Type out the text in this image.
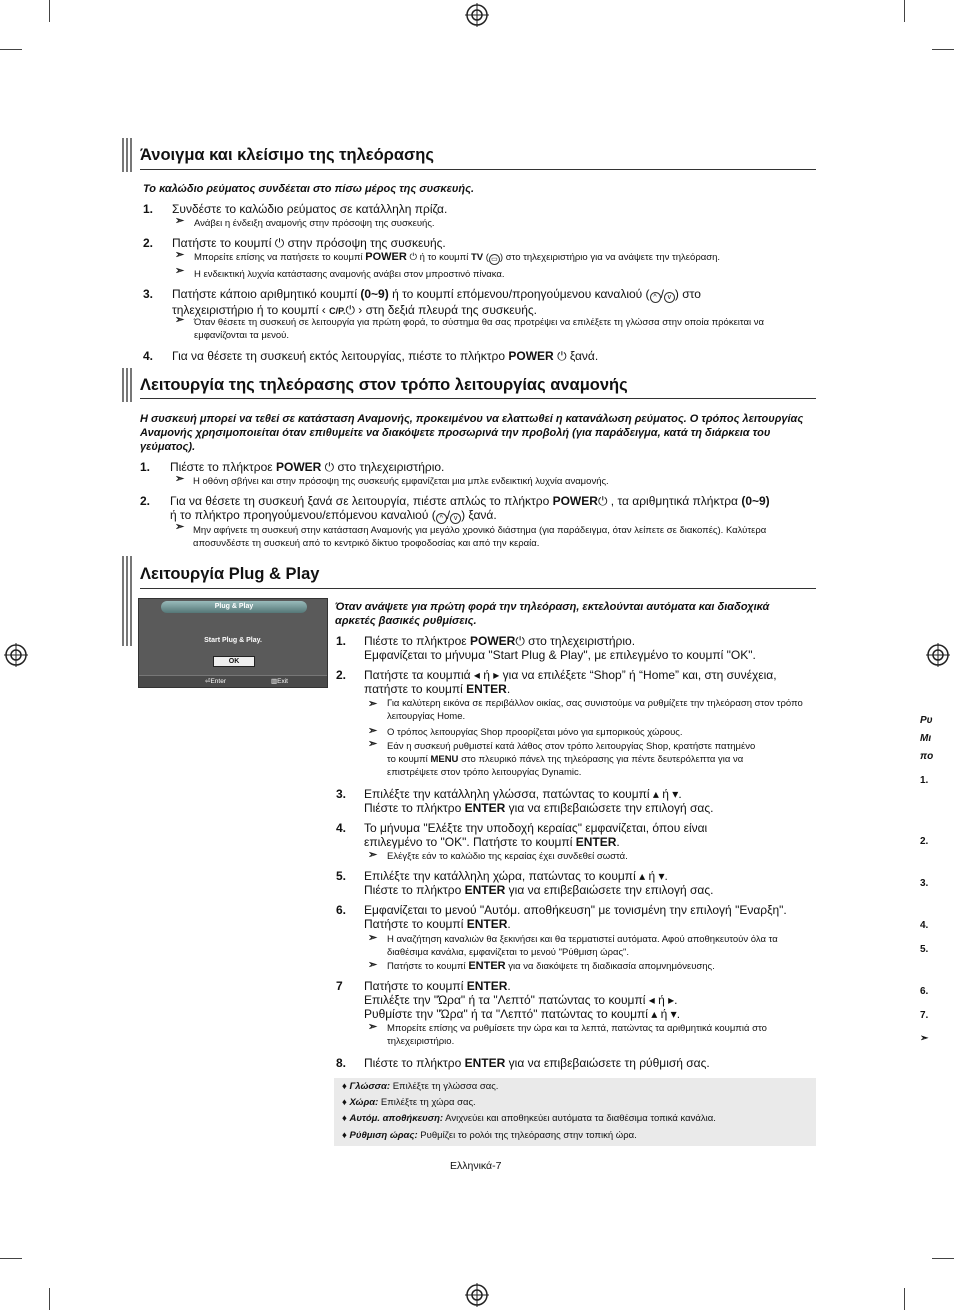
Άνοιγμα και κλείσιμο της τηλεόρασης
Το καλώδιο ρεύματος συνδέεται στο πίσω μέρος της συσκευής.
1. Συνδέστε το καλώδιο ρεύματος σε κατάλληλη πρίζα.
➣ Ανάβει η ένδειξη αναμονής στην πρόσοψη της συσκευής.
2. Πατήστε το κουμπί ⏻ στην πρόσοψη της συσκευής.
➣ Μπορείτε επίσης να πατήσετε το κουμπί POWER ⏻ ή το κουμπί TV ( ▭ ) στο τηλεχειριστήριο για να ανάψετε την τηλεόραση.
➣ Η ενδεικτική λυχνία κατάστασης αναμονής ανάβει στον μπροστινό πίνακα.
3. Πατήστε κάποιο αριθμητικό κουμπί (0~9) ή το κουμπί επόμενου/προηγούμενου καναλιού ( ^ / v ) στο
τηλεχειριστήριο ή το κουμπί ‹ C/P.⏻ › στη δεξιά πλευρά της συσκευής.
➣ Όταν θέσετε τη συσκευή σε λειτουργία για πρώτη φορά, το σύστημα θα σας προτρέψει να επιλέξετε τη γλώσσα στην οποία πρόκειται να εμφανίζονται τα μενού.
4. Για να θέσετε τη συσκευή εκτός λειτουργίας, πιέστε το πλήκτρο POWER ⏻ ξανά.
Λειτουργία της τηλεόρασης στον τρόπο λειτουργίας αναμονής
Η συσκευή μπορεί να τεθεί σε κατάσταση Αναμονής, προκειμένου να ελαττωθεί η κατανάλωση ρεύματος. Ο τρόπος λειτουργίας Αναμονής χρησιμοποιείται όταν επιθυμείτε να διακόψετε προσωρινά την προβολή (για παράδειγμα, κατά τη διάρκεια του γεύματος).
1. Πιέστε το πλήκτροε POWER ⏻ στο τηλεχειριστήριο.
➣ Η οθόνη σβήνει και στην πρόσοψη της συσκευής εμφανίζεται μια μπλε ενδεικτική λυχνία αναμονής.
2. Για να θέσετε τη συσκευή ξανά σε λειτουργία, πιέστε απλώς το πλήκτρο POWER⏻ , τα αριθμητικά πλήκτρα (0~9)
ή το πλήκτρο προηγούμενου/επόμενου καναλιού ( ^ / v ) ξανά.
➣ Μην αφήνετε τη συσκευή στην κατάσταση Αναμονής για μεγάλο χρονικό διάστημα (για παράδειγμα, όταν λείπετε σε διακοπές). Καλύτερα αποσυνδέστε τη συσκευή από το κεντρικό δίκτυο τροφοδοσίας και από την κεραία.
Λειτουργία Plug & Play
Plug & Play
Start Plug & Play.
OK
⏎Enter	▥Exit
Όταν ανάψετε για πρώτη φορά την τηλεόραση, εκτελούνται αυτόματα και διαδοχικά αρκετές βασικές ρυθμίσεις.
1. Πιέστε το πλήκτροε POWER⏻ στο τηλεχειριστήριο.
Εμφανίζεται το μήνυμα "Start Plug & Play", με επιλεγμένο το κουμπί "OK".
2. Πατήστε τα κουμπιά ◂ ή ▸ για να επιλέξετε “Shop” ή “Home” και, στη συνέχεια,
πατήστε το κουμπί ENTER.
➣ Για καλύτερη εικόνα σε περιβάλλον οικίας, σας συνιστούμε να ρυθμίζετε την τηλεόραση στον τρόπο λειτουργίας Home.
➣ Ο τρόπος λειτουργίας Shop προορίζεται μόνο για εμπορικούς χώρους.
➣ Εάν η συσκευή ρυθμιστεί κατά λάθος στον τρόπο λειτουργίας Shop, κρατήστε πατημένο
το κουμπί MENU στο πλευρικό πάνελ της τηλεόρασης για πέντε δευτερόλεπτα για να
επιστρέψετε στον τρόπο λειτουργίας Dynamic.
3. Επιλέξτε την κατάλληλη γλώσσα, πατώντας το κουμπί ▴ ή ▾.
Πιέστε το πλήκτρο ENTER για να επιβεβαιώσετε την επιλογή σας.
4. Το μήνυμα "Ελέξτε την υποδοχή κεραίας" εμφανίζεται, όπου είναι
επιλεγμένο το "OK". Πατήστε το κουμπί ENTER.
➣ Ελέγξτε εάν το καλώδιο της κεραίας έχει συνδεθεί σωστά.
5. Επιλέξτε την κατάλληλη χώρα, πατώντας το κουμπί ▴ ή ▾.
Πιέστε το πλήκτρο ENTER για να επιβεβαιώσετε την επιλογή σας.
6. Εμφανίζεται το μενού "Αυτόμ. αποθήκευση" με τονισμένη την επιλογή "Εναρξη".
Πατήστε το κουμπί ENTER.
➣ Η αναζήτηση καναλιών θα ξεκινήσει και θα τερματιστεί αυτόματα. Αφού αποθηκευτούν όλα τα διαθέσιμα κανάλια, εμφανίζεται το μενού "Ρύθμιση ώρας".
➣ Πατήστε το κουμπί ENTER για να διακόψετε τη διαδικασία απομνημόνευσης.
7 Πατήστε το κουμπί ENTER.
Επιλέξτε την "Ώρα" ή τα "Λεπτό" πατώντας το κουμπί ◂ ή ▸.
Ρυθμίστε την "Ώρα" ή τα "Λεπτό" πατώντας το κουμπί ▴ ή ▾.
➣ Μπορείτε επίσης να ρυθμίσετε την ώρα και τα λεπτά, πατώντας τα αριθμητικά κουμπιά στο τηλεχειριστήριο.
8. Πιέστε το πλήκτρο ENTER για να επιβεβαιώσετε τη ρύθμισή σας.
♦ Γλώσσα: Επιλέξτε τη γλώσσα σας.
♦ Χώρα: Επιλέξτε τη χώρα σας.
♦ Αυτόμ. αποθήκευση: Ανιχνεύει και αποθηκεύει αυτόματα τα διαθέσιμα τοπικά κανάλια.
♦ Ρύθμιση ώρας: Ρυθμίζει το ρολόι της τηλεόρασης στην τοπική ώρα.
Ελληνικά-7
Ρυ
Μι
πο
1.
2.
3.
4.
5.
6.
7.
➣
